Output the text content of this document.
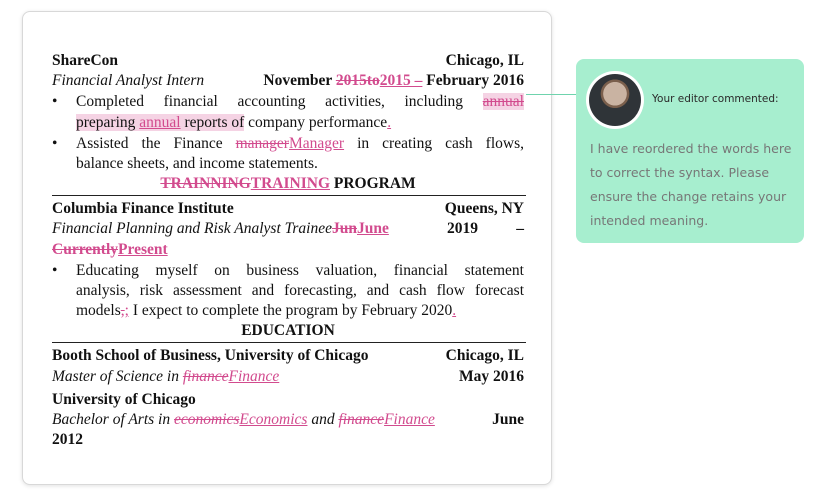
ShareCon	Chicago, IL
Financial Analyst Intern	November 2015to2015 – February 2016
• Completed financial accounting activities, including annual
preparing annual reports of company performance.
• Assisted the Finance managerManager in creating cash flows,
balance sheets, and income statements.
TRAINNINGTRAINING PROGRAM
Columbia Finance Institute	Queens, NY
Financial Planning and Risk Analyst TraineeJunJune	2019 –
CurrentlyPresent
• Educating myself on business valuation, financial statement
analysis, risk assessment and forecasting, and cash flow forecast
models,; I expect to complete the program by February 2020.
EDUCATION
Booth School of Business, University of Chicago	Chicago, IL
Master of Science in financeFinance	May 2016
University of Chicago
Bachelor of Arts in economicsEconomics and financeFinance	June
2012
Your editor commented:
I have reordered the words here to correct the syntax. Please ensure the change retains your intended meaning.
